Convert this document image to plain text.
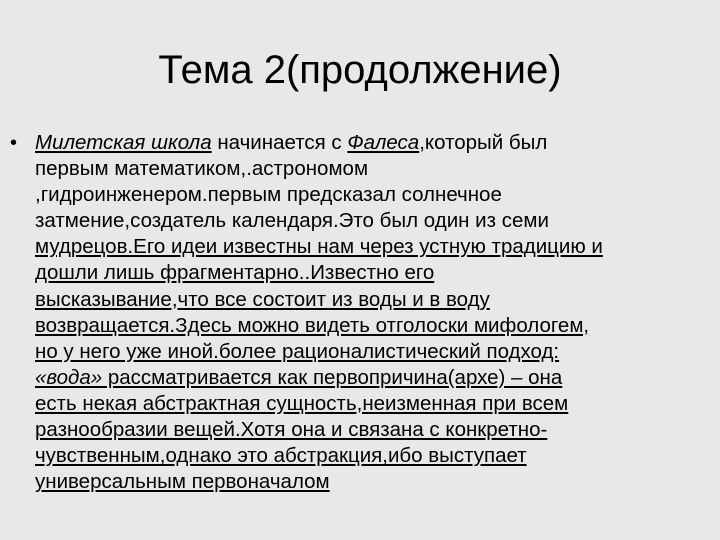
Тема 2(продолжение)
• Милетская школа начинается с Фалеса,который был
первым математиком,.астрономом
,гидроинженером.первым предсказал солнечное
затмение,создатель календаря.Это был один из семи
мудрецов.Его идеи известны нам через устную традицию и
дошли лишь фрагментарно..Известно его
высказывание,что все состоит из воды и в воду
возвращается.Здесь можно видеть отголоски мифологем,
но у него уже иной.более рационалистический подход:
«вода» рассматривается как первопричина(архе) – она
есть некая абстрактная сущность,неизменная при всем
разнообразии вещей.Хотя она и связана с конкретно-
чувственным,однако это абстракция,ибо выступает
универсальным первоначалом
